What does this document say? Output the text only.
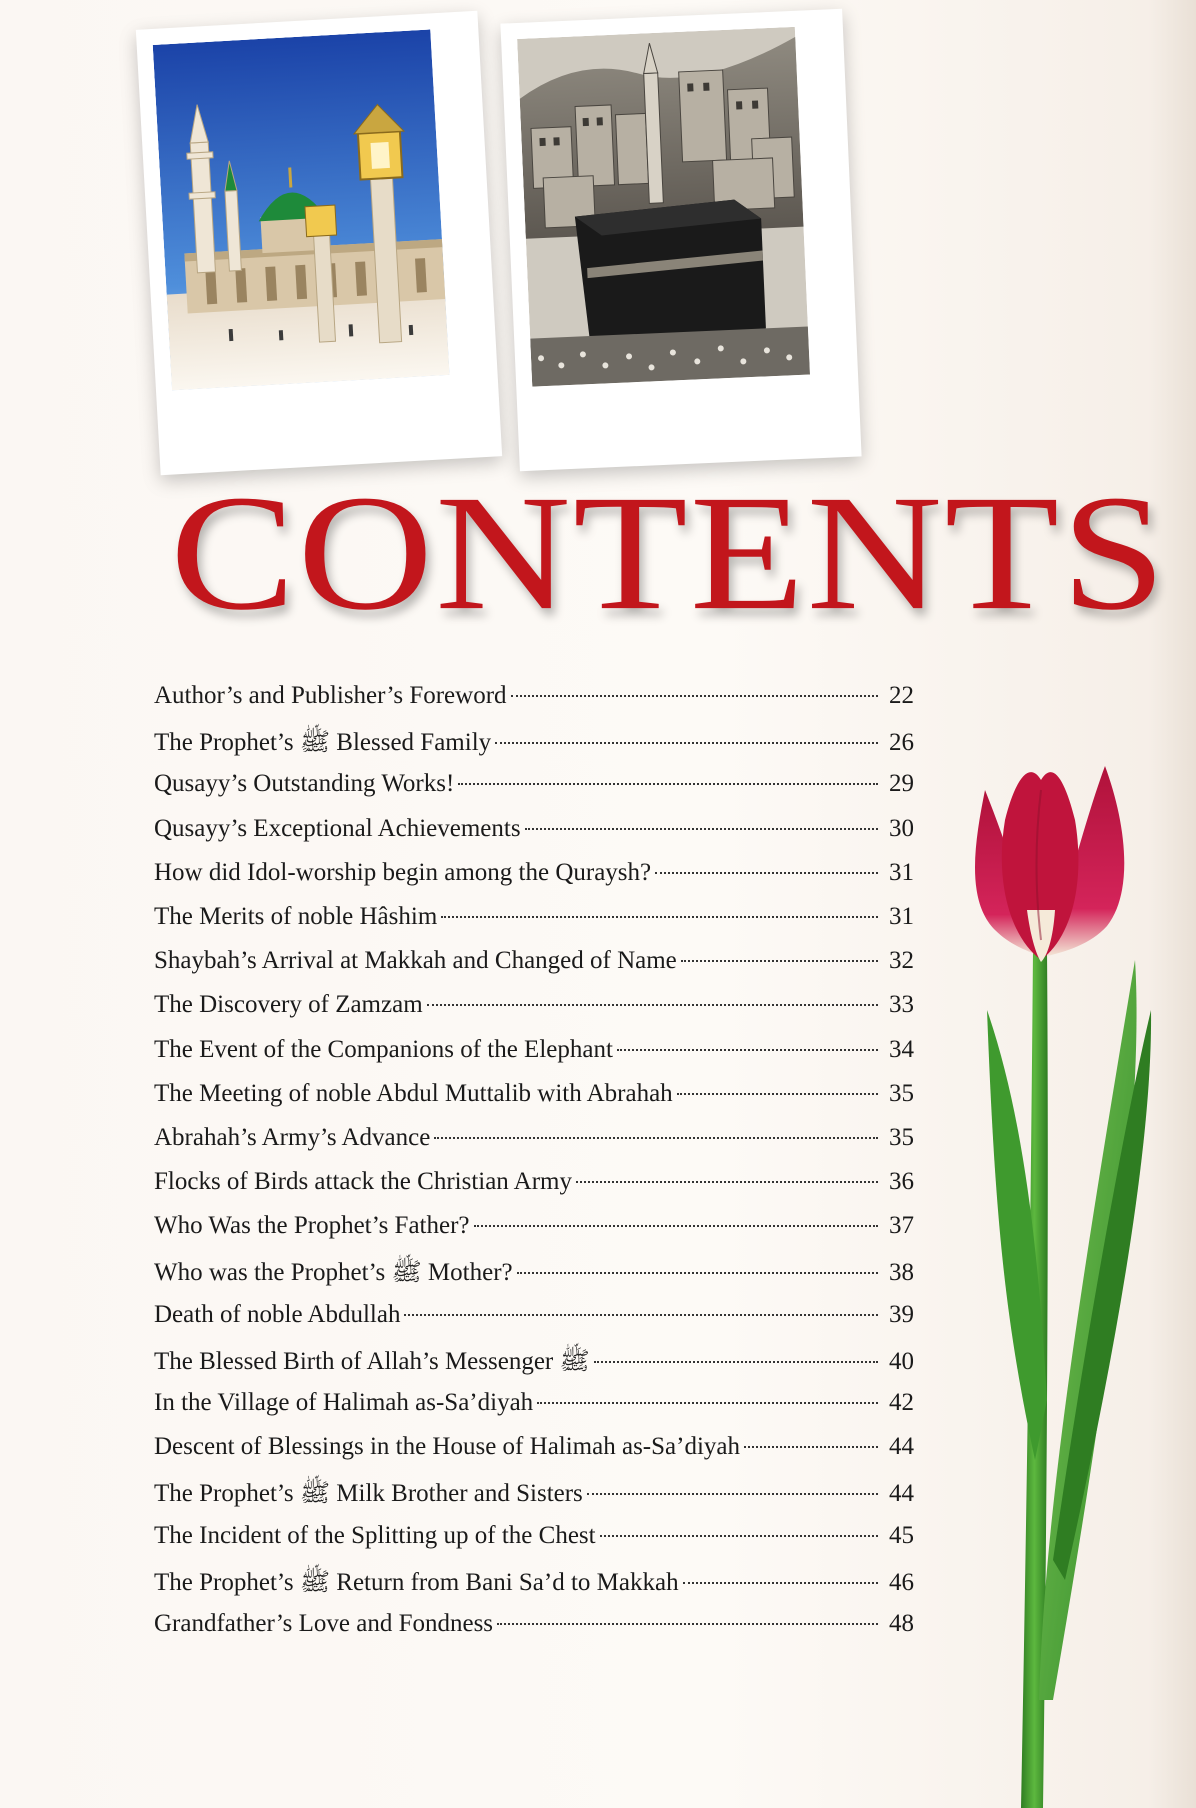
CONTENTS
Author’s and Publisher’s Foreword	22
The Prophet’s ﷺ Blessed Family	26
Qusayy’s Outstanding Works!	29
Qusayy’s Exceptional Achievements	30
How did Idol-worship begin among the Quraysh?	31
The Merits of noble Hâshim	31
Shaybah’s Arrival at Makkah and Changed of Name	32
The Discovery of Zamzam	33
The Event of the Companions of the Elephant	34
The Meeting of noble Abdul Muttalib with Abrahah	35
Abrahah’s Army’s Advance	35
Flocks of Birds attack the Christian Army	36
Who Was the Prophet’s Father?	37
Who was the Prophet’s ﷺ Mother?	38
Death of noble Abdullah	39
The Blessed Birth of Allah’s Messenger ﷺ	40
In the Village of Halimah as-Sa’diyah	42
Descent of Blessings in the House of Halimah as-Sa’diyah	44
The Prophet’s ﷺ Milk Brother and Sisters	44
The Incident of the Splitting up of the Chest	45
The Prophet’s ﷺ Return from Bani Sa’d to Makkah	46
Grandfather’s Love and Fondness	48
